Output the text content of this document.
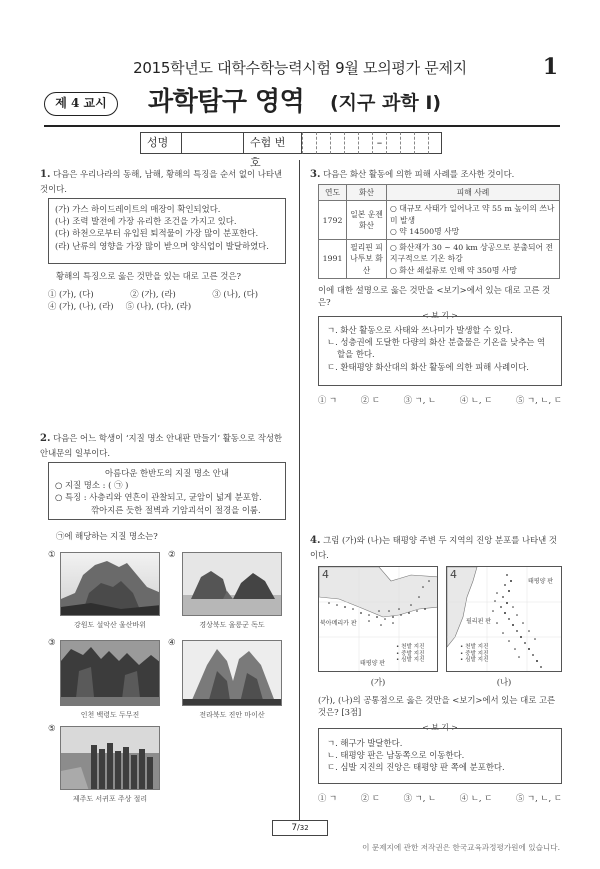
2015학년도 대학수학능력시험 9월 모의평가 문제지	1
제 4 교시	과학탐구 영역 (지구 과학 Ⅰ)
성명	수험 번호
–
1. 다음은 우리나라의 동해, 남해, 황해의 특징을 순서 없이 나타낸 것이다.
(가) 가스 하이드레이트의 매장이 확인되었다.
(나) 조력 발전에 가장 유리한 조건을 가지고 있다.
(다) 하천으로부터 유입된 퇴적물이 가장 많이 분포한다.
(라) 난류의 영향을 가장 많이 받으며 양식업이 발달하였다.
황해의 특징으로 옳은 것만을 있는 대로 고른 것은?
① (가), (다)	② (가), (라)	③ (나), (다)
④ (가), (나), (라) ⑤ (나), (다), (라)
2. 다음은 어느 학생이 ‘지질 명소 안내판 만들기’ 활동으로 작성한 안내문의 일부이다.
아름다운 한반도의 지질 명소 안내
○ 지질 명소 : ( ㉠ )
○ 특징 : 사층리와 연흔이 관찰되고, 균암이 넓게 분포함.
깎아지른 듯한 절벽과 기암괴석이 절경을 이룸.
㉠에 해당하는 지질 명소는?
①
강원도 설악산 울산바위
②
경상북도 울릉군 독도
③
인천 백령도 두무진
④
전라북도 진안 마이산
⑤
제주도 서귀포 주상 절리
3. 다음은 화산 활동에 의한 피해 사례를 조사한 것이다.
연도	화산	피해 사례
1792	일본 운젠 화산	○ 대규모 사태가 일어나고 약 55 m 높이의 쓰나미 발생
○ 약 14500명 사망

1991	필리핀 피나투보 화산	○ 화산재가 30 ~ 40 km 상공으로 분출되어 전 지구적으로 기온 하강
○ 화산 쇄설류로 인해 약 350명 사망
이에 대한 설명으로 옳은 것만을 <보기>에서 있는 대로 고른 것은?
< 보 기 >
ㄱ. 화산 활동으로 사태와 쓰나미가 발생할 수 있다.
ㄴ. 성층권에 도달한 다량의 화산 분출물은 기온을 낮추는 역할을 한다.
ㄷ. 환태평양 화산대의 화산 활동에 의한 피해 사례이다.
① ㄱ	② ㄷ	③ ㄱ, ㄴ	④ ㄴ, ㄷ	⑤ ㄱ, ㄴ, ㄷ
4. 그림 (가)와 (나)는 태평양 주변 두 지역의 진앙 분포를 나타낸 것이다.
4
북아메리카 판
태평양 판
• 천발 지진
• 중발 지진
• 심발 지진
(가)
4
태평양 판
필리핀 판
• 천발 지진
• 중발 지진
• 심발 지진
(나)
(가), (나)의 공통점으로 옳은 것만을 <보기>에서 있는 대로 고른 것은? [3점]
< 보 기 >
ㄱ. 해구가 발달한다.
ㄴ. 태평양 판은 남동쪽으로 이동한다.
ㄷ. 심발 지진의 진앙은 태평양 판 쪽에 분포한다.
① ㄱ	② ㄷ	③ ㄱ, ㄴ	④ ㄴ, ㄷ	⑤ ㄱ, ㄴ, ㄷ
7/32
이 문제지에 관한 저작권은 한국교육과정평가원에 있습니다.
